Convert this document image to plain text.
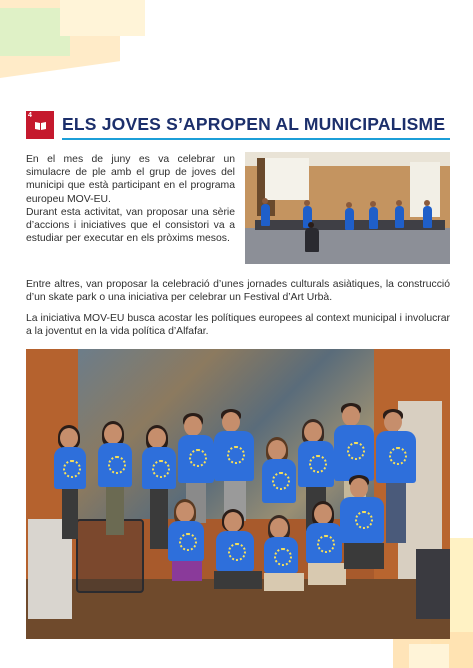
4 ELS JOVES S’APROPEN AL MUNICIPALISME

En el mes de juny es va celebrar un simulacre de ple amb el grup de joves del municipi que està participant en el programa europeu MOV-EU.

Durant esta activitat, van proposar una sèrie d’accions i iniciatives que el consistori va a estudiar per executar en els pròxims mesos.

Entre altres, van proposar la celebració d’unes jornades culturals asiàtiques, la construcció d’un skate park o una iniciativa per celebrar un Festival d’Art Urbà.

La iniciativa MOV-EU busca acostar les polítiques europees al context municipal i involucrar a la joventut en la vida política d’Alfafar.
